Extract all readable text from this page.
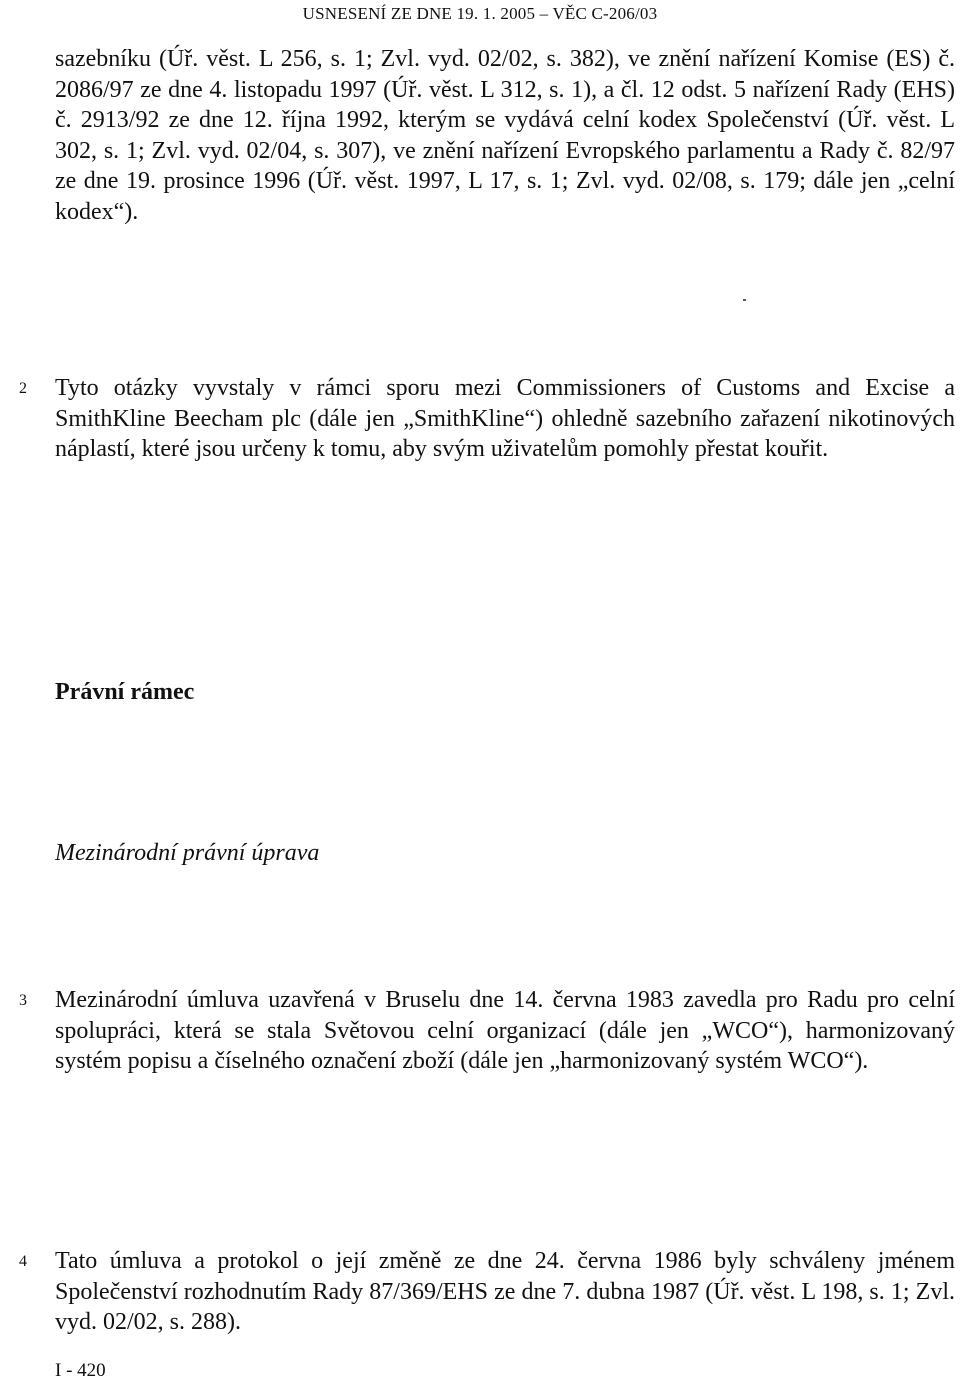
USNESENÍ ZE DNE 19. 1. 2005 – VĚC C-206/03
sazebníku (Úř. věst. L 256, s. 1; Zvl. vyd. 02/02, s. 382), ve znění nařízení Komise (ES) č. 2086/97 ze dne 4. listopadu 1997 (Úř. věst. L 312, s. 1), a čl. 12 odst. 5 nařízení Rady (EHS) č. 2913/92 ze dne 12. října 1992, kterým se vydává celní kodex Společenství (Úř. věst. L 302, s. 1; Zvl. vyd. 02/04, s. 307), ve znění nařízení Evropského parlamentu a Rady č. 82/97 ze dne 19. prosince 1996 (Úř. věst. 1997, L 17, s. 1; Zvl. vyd. 02/08, s. 179; dále jen „celní kodex“).
2 Tyto otázky vyvstaly v rámci sporu mezi Commissioners of Customs and Excise a SmithKline Beecham plc (dále jen „SmithKline“) ohledně sazebního zařazení nikotinových náplastí, které jsou určeny k tomu, aby svým uživatelům pomohly přestat kouřit.
Právní rámec
Mezinárodní právní úprava
3 Mezinárodní úmluva uzavřená v Bruselu dne 14. června 1983 zavedla pro Radu pro celní spolupráci, která se stala Světovou celní organizací (dále jen „WCO“), harmonizovaný systém popisu a číselného označení zboží (dále jen „harmonizovaný systém WCO“).
4 Tato úmluva a protokol o její změně ze dne 24. června 1986 byly schváleny jménem Společenství rozhodnutím Rady 87/369/EHS ze dne 7. dubna 1987 (Úř. věst. L 198, s. 1; Zvl. vyd. 02/02, s. 288).
I - 420
